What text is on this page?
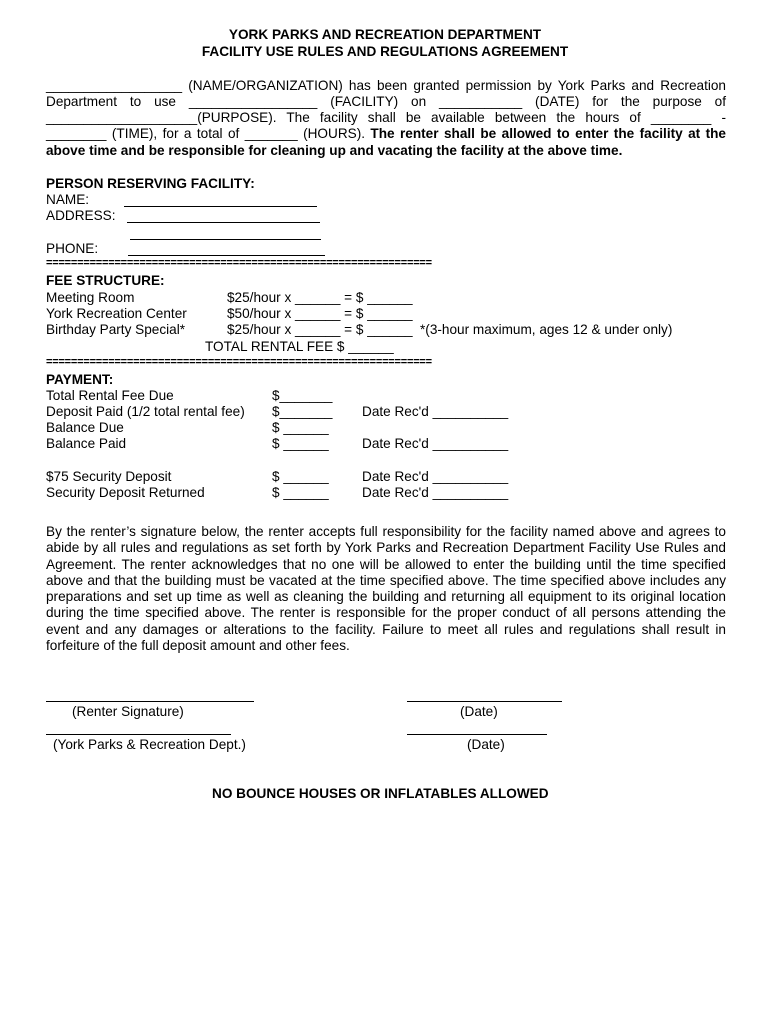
YORK PARKS AND RECREATION DEPARTMENT
FACILITY USE RULES AND REGULATIONS AGREEMENT
__________________ (NAME/ORGANIZATION) has been granted permission by York Parks and Recreation
Department to use _________________ (FACILITY) on ___________ (DATE) for the purpose of
____________________(PURPOSE). The facility shall be available between the hours of ________ -
________ (TIME), for a total of _______ (HOURS). The renter shall be allowed to enter the facility at the
above time and be responsible for cleaning up and vacating the facility at the above time.
PERSON RESERVING FACILITY:
NAME:
ADDRESS:
PHONE:
==============================================================
FEE STRUCTURE:
Meeting Room	$25/hour x ______ = $ ______
York Recreation Center	$50/hour x ______ = $ ______
Birthday Party Special*	$25/hour x ______ = $ ______ *(3-hour maximum, ages 12 & under only)
TOTAL RENTAL FEE $ ______
==============================================================
PAYMENT:
Total Rental Fee Due	$_______
Deposit Paid (1/2 total rental fee) $_______ Date Rec'd __________
Balance Due	$ ______
Balance Paid	$ ______ Date Rec'd __________
$75 Security Deposit	$ ______ Date Rec'd __________
Security Deposit Returned	$ ______ Date Rec'd __________
By the renter’s signature below, the renter accepts full responsibility for the facility named above and agrees to abide by all rules and regulations as set forth by York Parks and Recreation Department Facility Use Rules and Agreement. The renter acknowledges that no one will be allowed to enter the building until the time specified above and that the building must be vacated at the time specified above. The time specified above includes any preparations and set up time as well as cleaning the building and returning all equipment to its original location during the time specified above. The renter is responsible for the proper conduct of all persons attending the event and any damages or alterations to the facility. Failure to meet all rules and regulations shall result in forfeiture of the full deposit amount and other fees.
(Renter Signature)	(Date)
(York Parks & Recreation Dept.)	(Date)
NO BOUNCE HOUSES OR INFLATABLES ALLOWED
